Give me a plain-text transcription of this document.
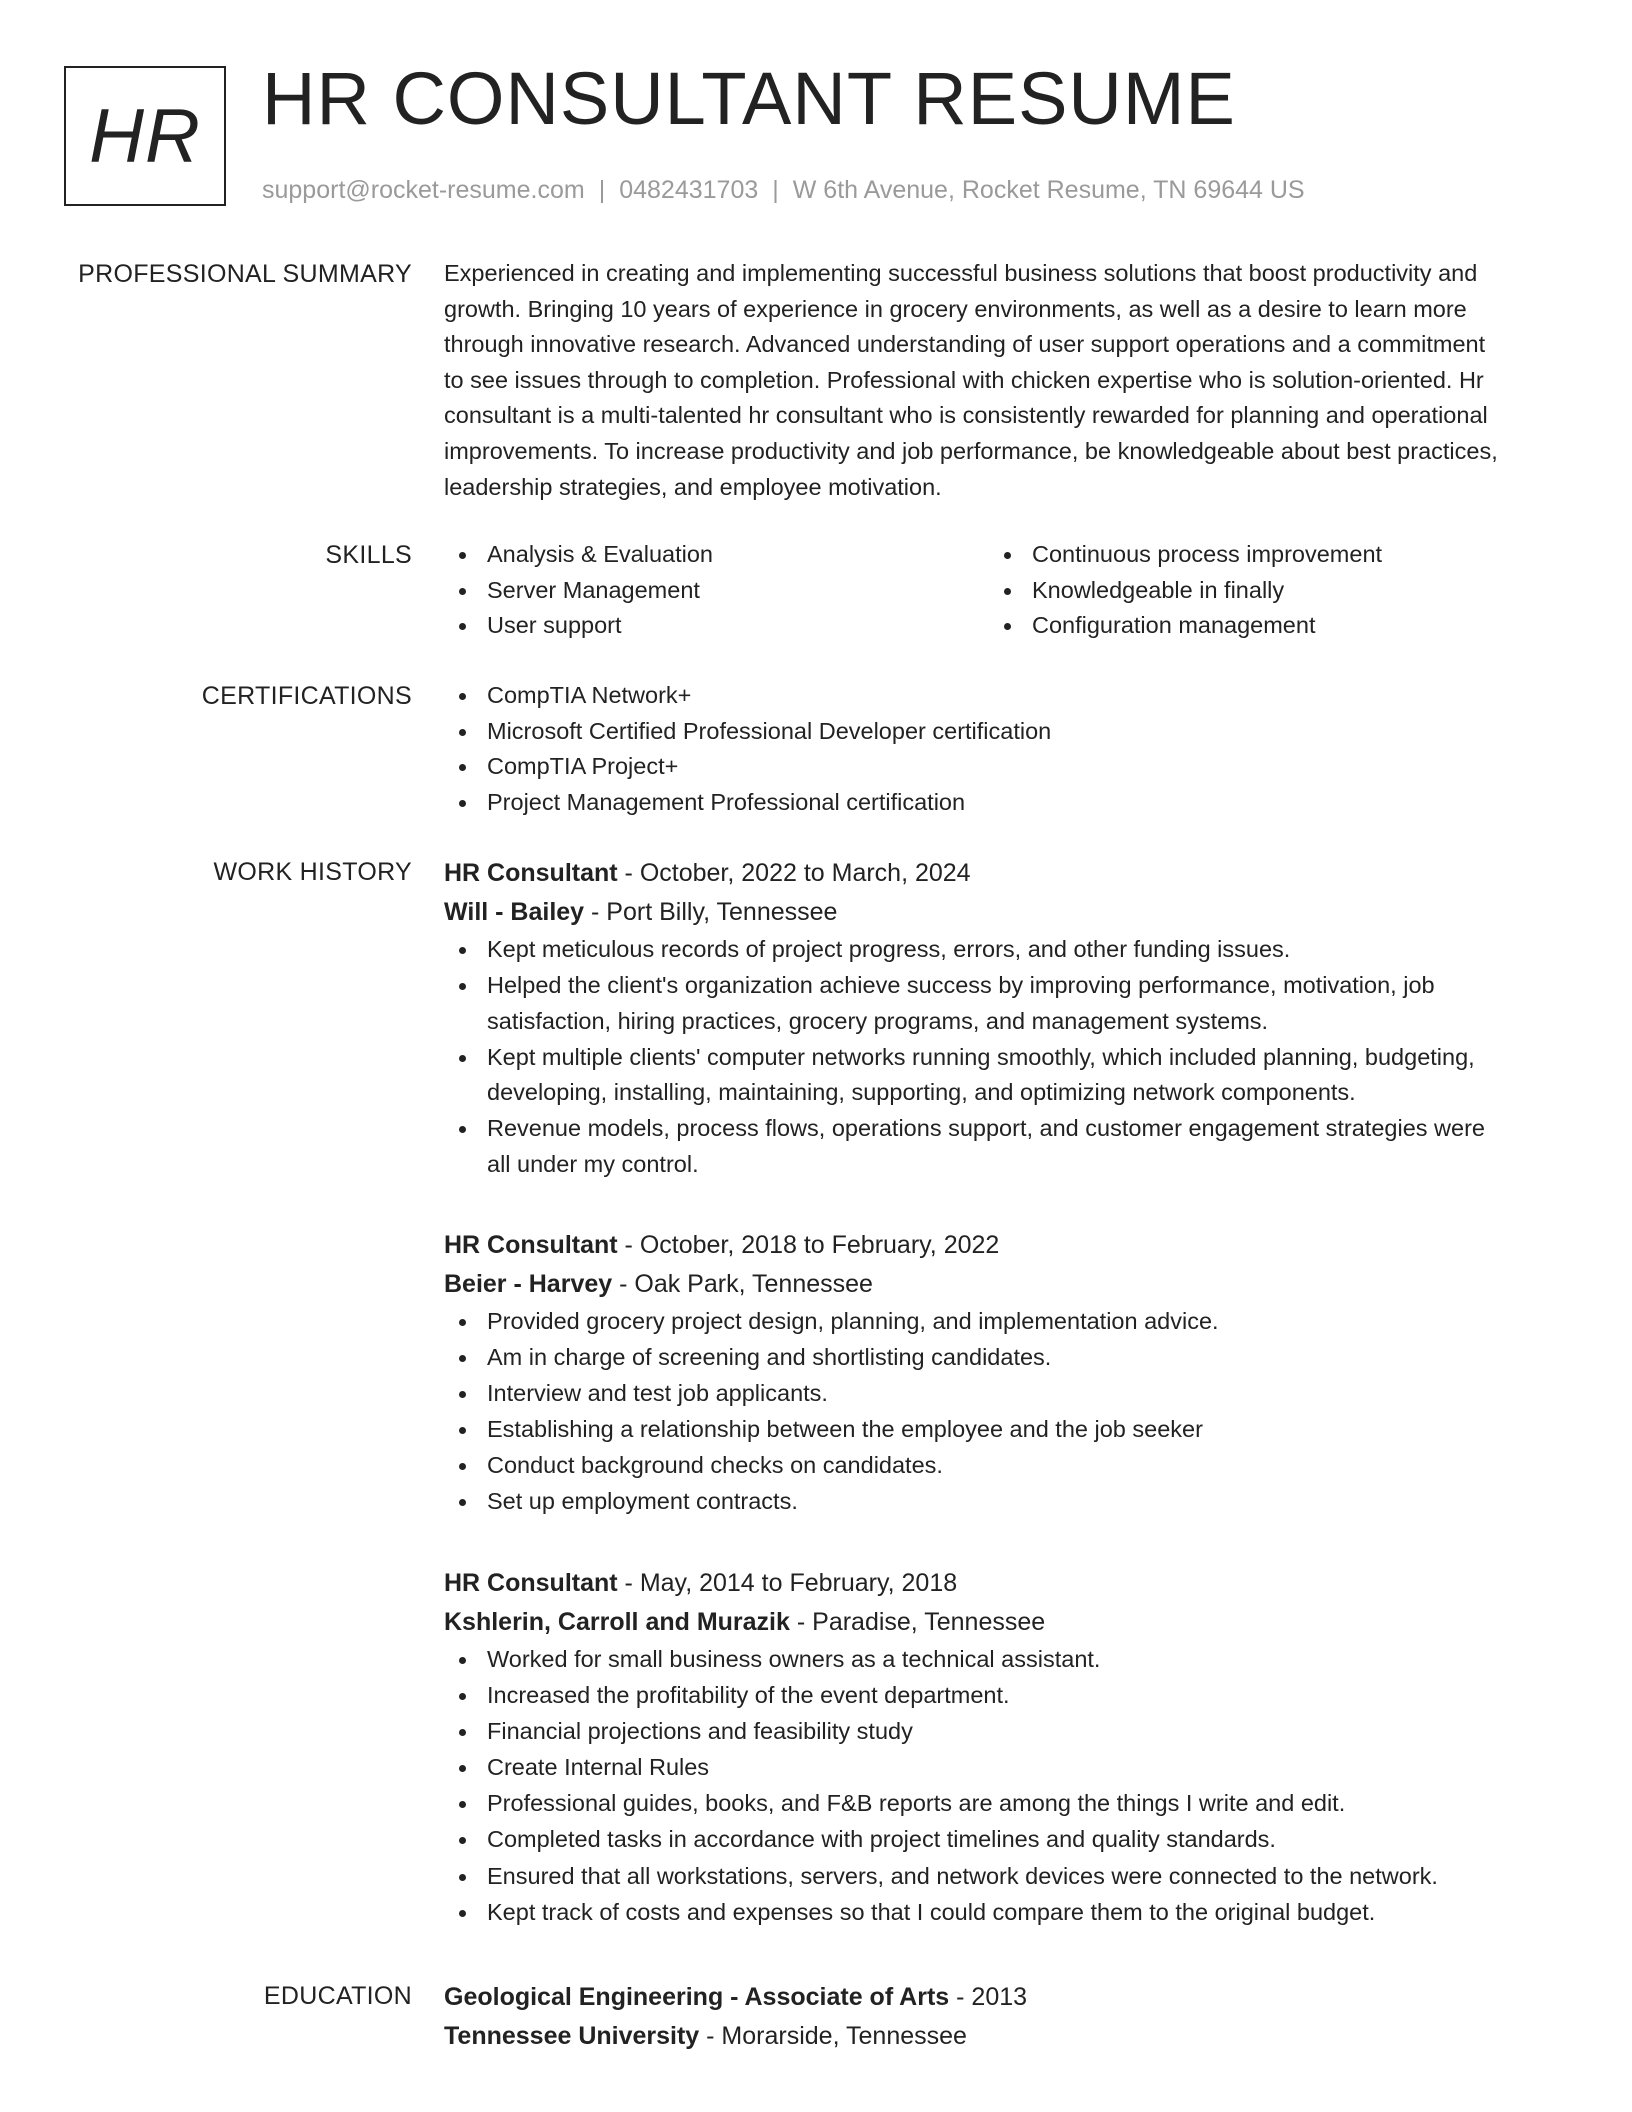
HR HR CONSULTANT RESUME
support@rocket-resume.com | 0482431703 | W 6th Avenue, Rocket Resume, TN 69644 US
PROFESSIONAL SUMMARY Experienced in creating and implementing successful business solutions that boost productivity and
growth. Bringing 10 years of experience in grocery environments, as well as a desire to learn more
through innovative research. Advanced understanding of user support operations and a commitment
to see issues through to completion. Professional with chicken expertise who is solution-oriented. Hr
consultant is a multi-talented hr consultant who is consistently rewarded for planning and operational
improvements. To increase productivity and job performance, be knowledgeable about best practices,
leadership strategies, and employee motivation.

SKILLS	Analysis & Evaluation
Server Management
User support
Continuous process improvement
Knowledgeable in finally
Configuration management
CERTIFICATIONS	CompTIA Network+
Microsoft Certified Professional Developer certification
CompTIA Project+
Project Management Professional certification
WORK HISTORY HR Consultant - October, 2022 to March, 2024
Will - Bailey - Port Billy, Tennessee
Kept meticulous records of project progress, errors, and other funding issues.
Helped the client's organization achieve success by improving performance, motivation, job
satisfaction, hiring practices, grocery programs, and management systems.
Kept multiple clients' computer networks running smoothly, which included planning, budgeting,
developing, installing, maintaining, supporting, and optimizing network components.
Revenue models, process flows, operations support, and customer engagement strategies were
all under my control.
HR Consultant - October, 2018 to February, 2022
Beier - Harvey - Oak Park, Tennessee
Provided grocery project design, planning, and implementation advice.
Am in charge of screening and shortlisting candidates.
Interview and test job applicants.
Establishing a relationship between the employee and the job seeker
Conduct background checks on candidates.
Set up employment contracts.
HR Consultant - May, 2014 to February, 2018
Kshlerin, Carroll and Murazik - Paradise, Tennessee
Worked for small business owners as a technical assistant.
Increased the profitability of the event department.
Financial projections and feasibility study
Create Internal Rules
Professional guides, books, and F&B reports are among the things I write and edit.
Completed tasks in accordance with project timelines and quality standards.
Ensured that all workstations, servers, and network devices were connected to the network.
Kept track of costs and expenses so that I could compare them to the original budget.
EDUCATION Geological Engineering - Associate of Arts - 2013
Tennessee University - Morarside, Tennessee
